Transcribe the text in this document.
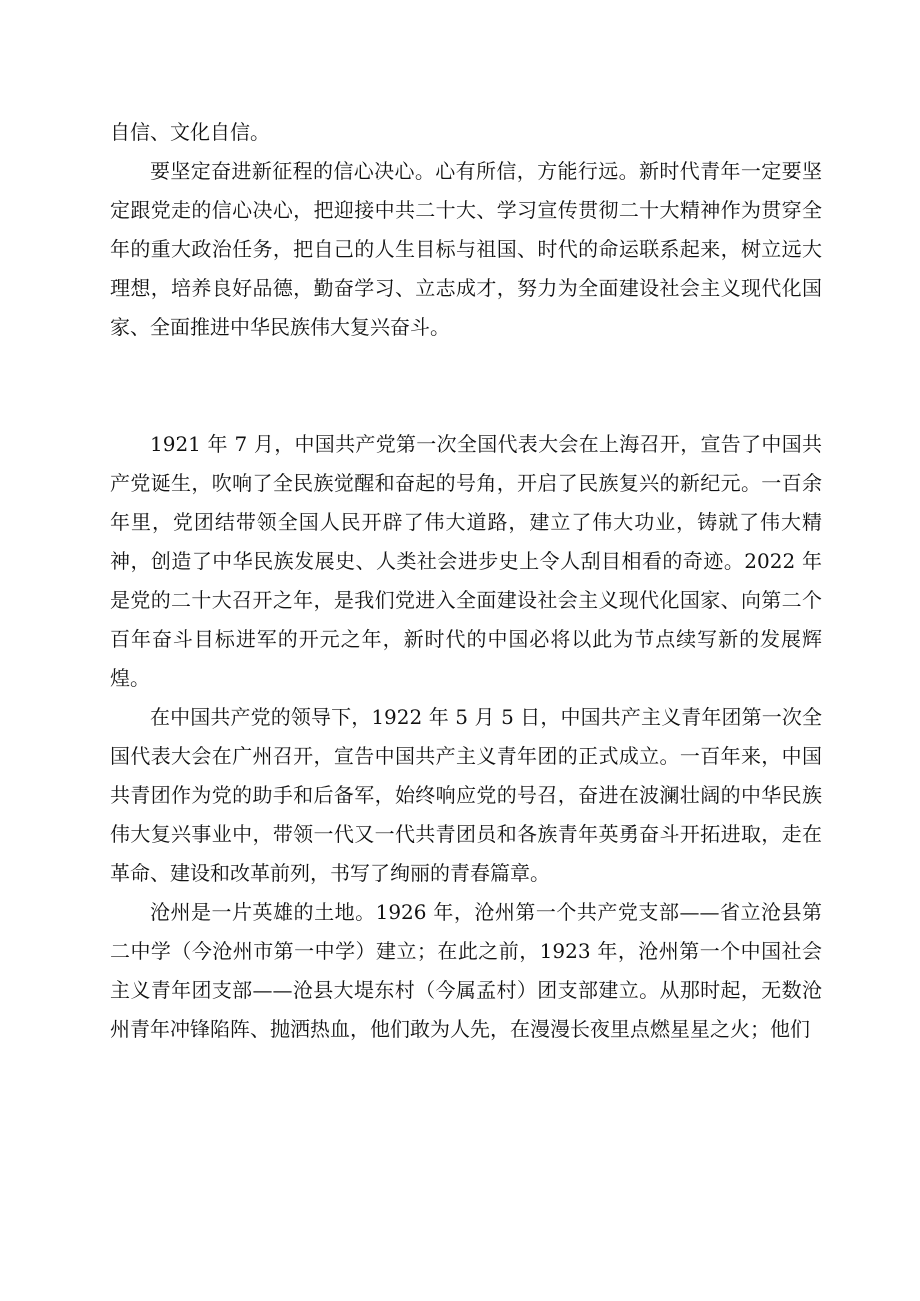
自信、文化自信。

要坚定奋进新征程的信心决心。心有所信，方能行远。新时代青年一定要坚定跟党走的信心决心，把迎接中共二十大、学习宣传贯彻二十大精神作为贯穿全年的重大政治任务，把自己的人生目标与祖国、时代的命运联系起来，树立远大理想，培养良好品德，勤奋学习、立志成才，努力为全面建设社会主义现代化国家、全面推进中华民族伟大复兴奋斗。

1921 年 7 月，中国共产党第一次全国代表大会在上海召开，宣告了中国共产党诞生，吹响了全民族觉醒和奋起的号角，开启了民族复兴的新纪元。一百余年里，党团结带领全国人民开辟了伟大道路，建立了伟大功业，铸就了伟大精神，创造了中华民族发展史、人类社会进步史上令人刮目相看的奇迹。2022 年是党的二十大召开之年，是我们党进入全面建设社会主义现代化国家、向第二个百年奋斗目标进军的开元之年，新时代的中国必将以此为节点续写新的发展辉煌。

在中国共产党的领导下，1922 年 5 月 5 日，中国共产主义青年团第一次全国代表大会在广州召开，宣告中国共产主义青年团的正式成立。一百年来，中国共青团作为党的助手和后备军，始终响应党的号召，奋进在波澜壮阔的中华民族伟大复兴事业中，带领一代又一代共青团员和各族青年英勇奋斗开拓进取，走在革命、建设和改革前列，书写了绚丽的青春篇章。

沧州是一片英雄的土地。1926 年，沧州第一个共产党支部——省立沧县第二中学（今沧州市第一中学）建立；在此之前，1923 年，沧州第一个中国社会主义青年团支部——沧县大堤东村（今属孟村）团支部建立。从那时起，无数沧州青年冲锋陷阵、抛洒热血，他们敢为人先，在漫漫长夜里点燃星星之火；他们
